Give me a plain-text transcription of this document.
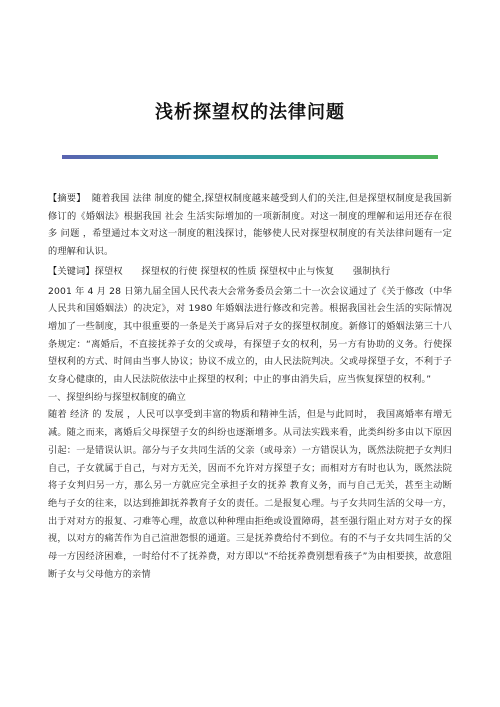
浅析探望权的法律问题

【摘要】 随着我国 法律 制度的健全,探望权制度越来越受到人们的关注,但是探望权制度是我国新修订的《婚姻法》根据我国 社会 生活实际增加的一项新制度。对这一制度的理解和运用还存在很多 问题 ，希望通过本文对这一制度的粗浅探讨，能够使人民对探望权制度的有关法律问题有一定的理解和认识。

【关键词】探望权　　探望权的行使 探望权的性质 探望权中止与恢复　　强制执行

2001 年 4 月 28 日第九届全国人民代表大会常务委员会第二十一次会议通过了《关于修改（中华人民共和国婚姻法）的决定》，对 1980 年婚姻法进行修改和完善。根据我国社会生活的实际情况增加了一些制度，其中很重要的一条是关于离异后对子女的探望权制度。新修订的婚姻法第三十八条规定：“离婚后，不直接抚养子女的父或母，有探望子女的权利，另一方有协助的义务。行使探望权利的方式、时间由当事人协议；协议不成立的，由人民法院判决。父或母探望子女，不利于子女身心健康的，由人民法院依法中止探望的权利；中止的事由消失后，应当恢复探望的权利。”

一、探望纠纷与探望权制度的确立

随着 经济 的 发展 ，人民可以享受到丰富的物质和精神生活，但是与此同时， 我国离婚率有增无减。随之而来，离婚后父母探望子女的纠纷也逐渐增多。从司法实践来看，此类纠纷多由以下原因引起：一是错误认识。部分与子女共同生活的父亲（或母亲）一方错误认为，既然法院把子女判归自己，子女就属于自己，与对方无关，因而不允许对方探望子女；而相对方有时也认为，既然法院将子女判归另一方，那么另一方就应完全承担子女的抚养 教育义务，而与自己无关，甚至主动断绝与子女的往来，以达到推卸抚养教育子女的责任。二是报复心理。与子女共同生活的父母一方，出于对对方的报复、刁难等心理，故意以种种理由拒绝或设置障碍，甚至强行阻止对方对子女的探视，以对方的痛苦作为自己渲泄怨恨的通道。三是抚养费给付不到位。有的不与子女共同生活的父母一方因经济困难，一时给付不了抚养费，对方即以“不给抚养费别想看孩子”为由相要挟，故意阻断子女与父母他方的亲情
